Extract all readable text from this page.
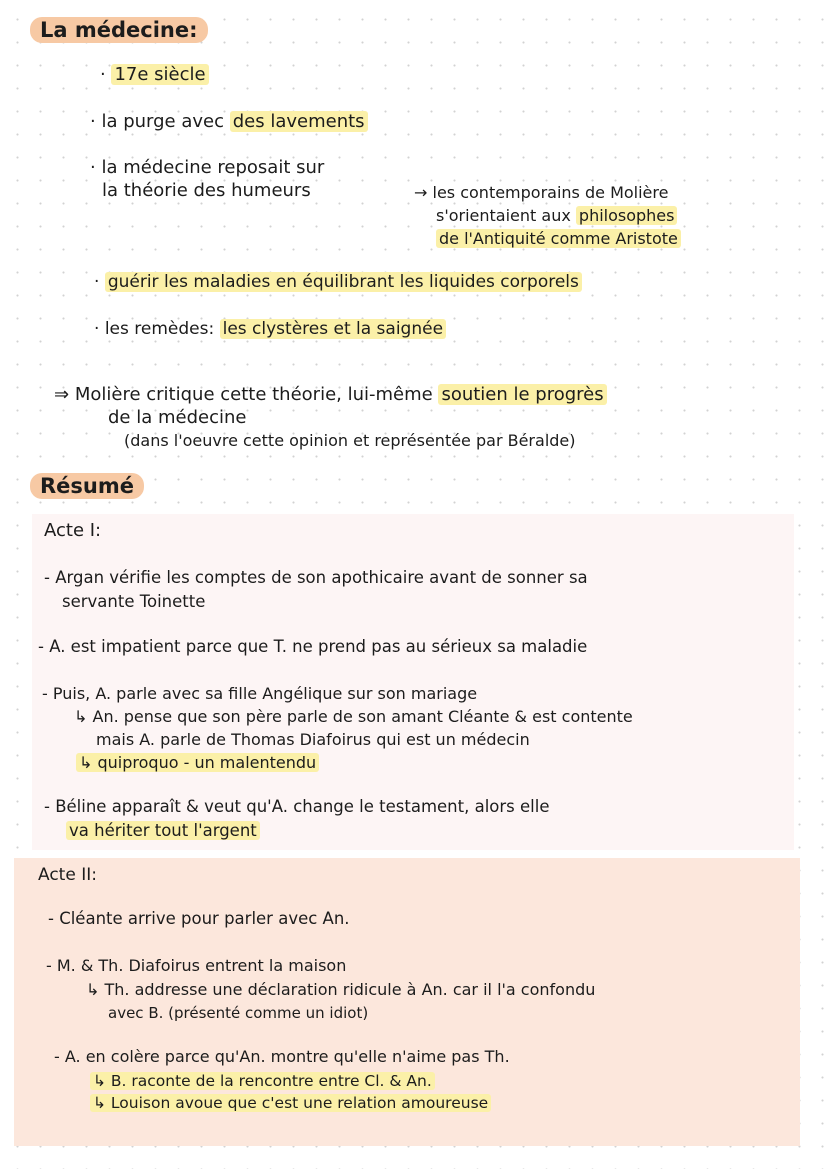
La médecine:
· 17e siècle
· la purge avec des lavements
· la médecine reposait sur
la théorie des humeurs	→ les contemporains de Molière
s'orientaient aux philosophes
de l'Antiquité comme Aristote
· guérir les maladies en équilibrant les liquides corporels
· les remèdes: les clystères et la saignée
⇒ Molière critique cette théorie, lui-même soutien le progrès
de la médecine
(dans l'oeuvre cette opinion et représentée par Béralde)
Résumé
Acte I:
- Argan vérifie les comptes de son apothicaire avant de sonner sa
servante Toinette
- A. est impatient parce que T. ne prend pas au sérieux sa maladie
- Puis, A. parle avec sa fille Angélique sur son mariage
↳ An. pense que son père parle de son amant Cléante & est contente
mais A. parle de Thomas Diafoirus qui est un médecin
↳ quiproquo - un malentendu
- Béline apparaît & veut qu'A. change le testament, alors elle
va hériter tout l'argent
Acte II:
- Cléante arrive pour parler avec An.
- M. & Th. Diafoirus entrent la maison
↳ Th. addresse une déclaration ridicule à An. car il l'a confondu
avec B. (présenté comme un idiot)
- A. en colère parce qu'An. montre qu'elle n'aime pas Th.
↳ B. raconte de la rencontre entre Cl. & An.
↳ Louison avoue que c'est une relation amoureuse
